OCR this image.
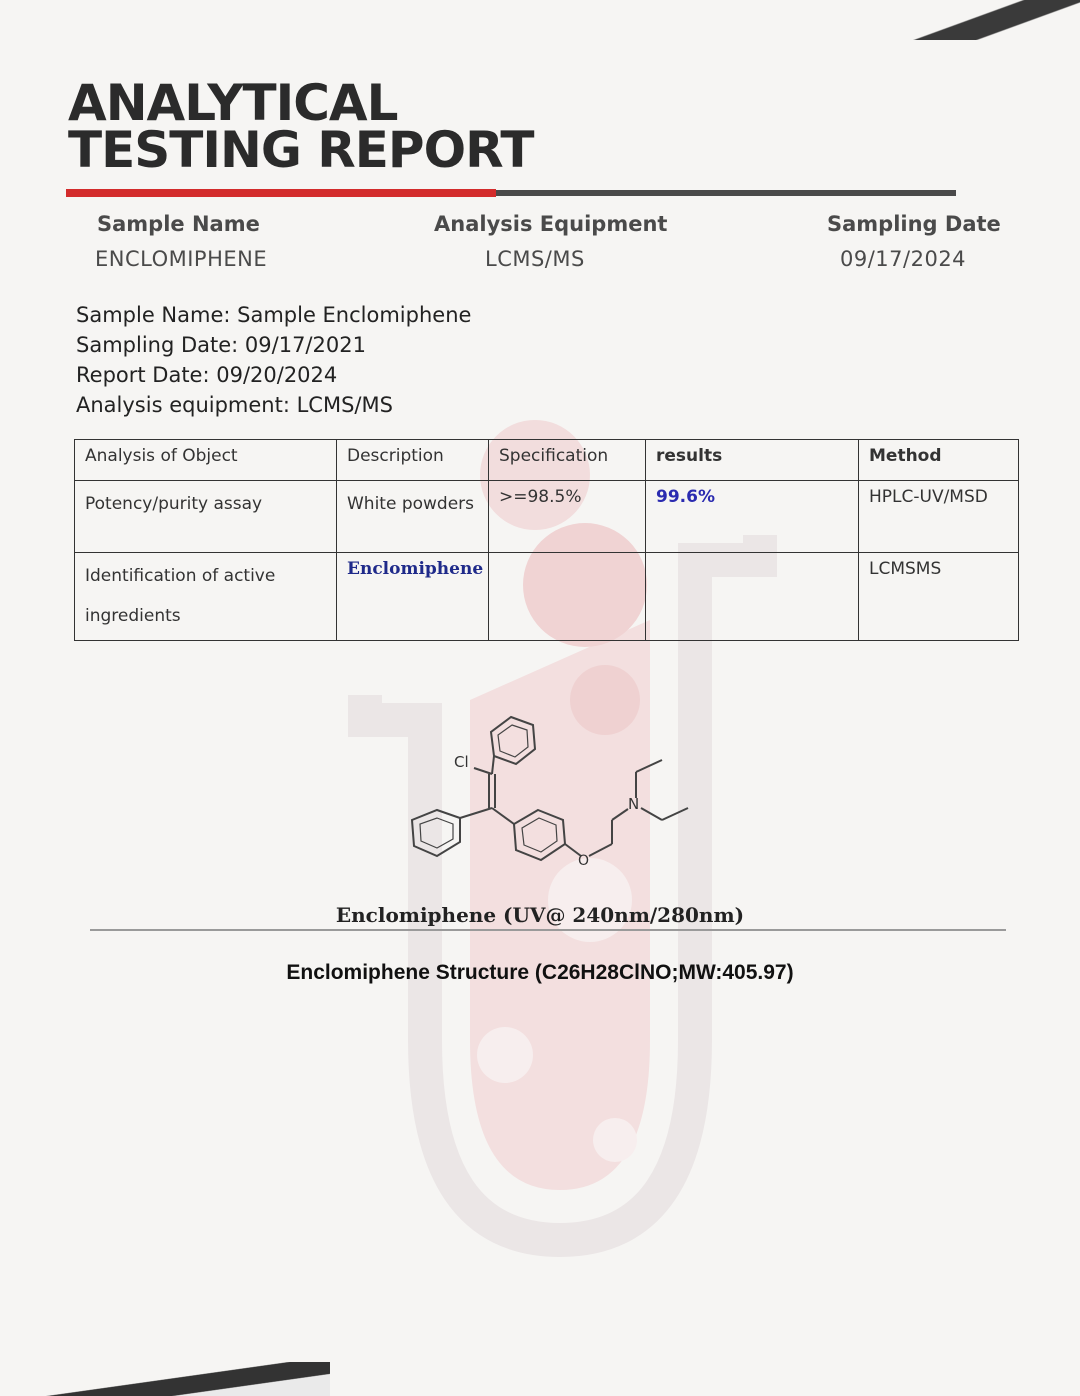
ANALYTICAL
TESTING REPORT
Sample Name
ENCLOMIPHENE
Analysis Equipment
LCMS/MS
Sampling Date
09/17/2024
Sample Name: Sample Enclomiphene
Sampling Date: 09/17/2021
Report Date: 09/20/2024
Analysis equipment: LCMS/MS
Analysis of Object	Description	Specification	results	Method
Potency/purity assay	White powders	>=98.5%	99.6%	HPLC-UV/MSD
Identification of active ingredients	Enclomiphene			LCMSMS
Cl
N
O
Enclomiphene (UV@ 240nm/280nm)
Enclomiphene Structure (C26H28ClNO;MW:405.97)
